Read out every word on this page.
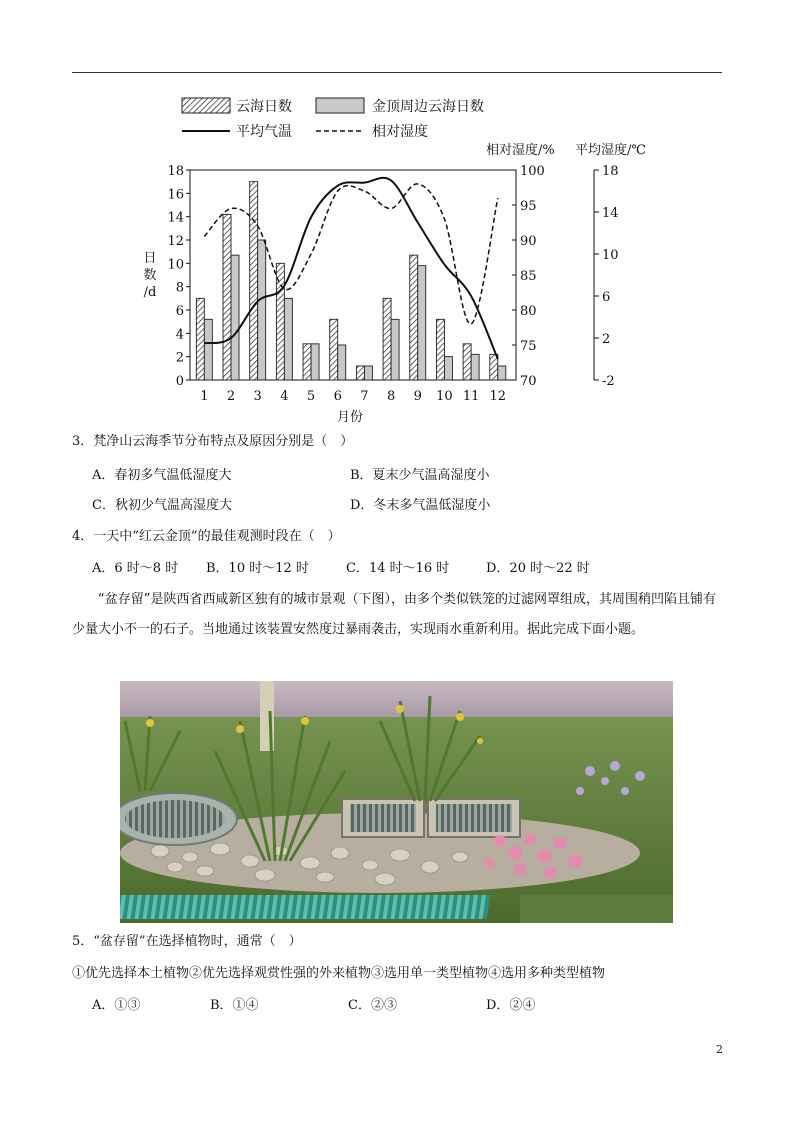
云海日数	金顶周边云海日数
平均气温	相对湿度
相对湿度/% 平均湿度/℃
日
数
/d
0
2
4
6
8
10
12
14
16
18
70
75
80
85
90
95
100
-2
2
6
10
14
18
1 2 3 4 5 6 7 8 9 10 11 12
月份
3．梵净山云海季节分布特点及原因分别是（　）
A．春初多气温低湿度大	B．夏末少气温高湿度小
C．秋初少气温高湿度大	D．冬末多气温低湿度小
4．一天中“红云金顶”的最佳观测时段在（　）
A．6 时～8 时 B．10 时～12 时	C．14 时～16 时	D．20 时～22 时
“盆存留”是陕西省西咸新区独有的城市景观（下图），由多个类似铁笼的过滤网罩组成，其周围稍凹陷且铺有少量大小不一的石子。当地通过该装置安然度过暴雨袭击，实现雨水重新利用。据此完成下面小题。
5．“盆存留”在选择植物时，通常（　）
①优先选择本土植物②优先选择观赏性强的外来植物③选用单一类型植物④选用多种类型植物
A．①③	B．①④	C．②③	D．②④
2
